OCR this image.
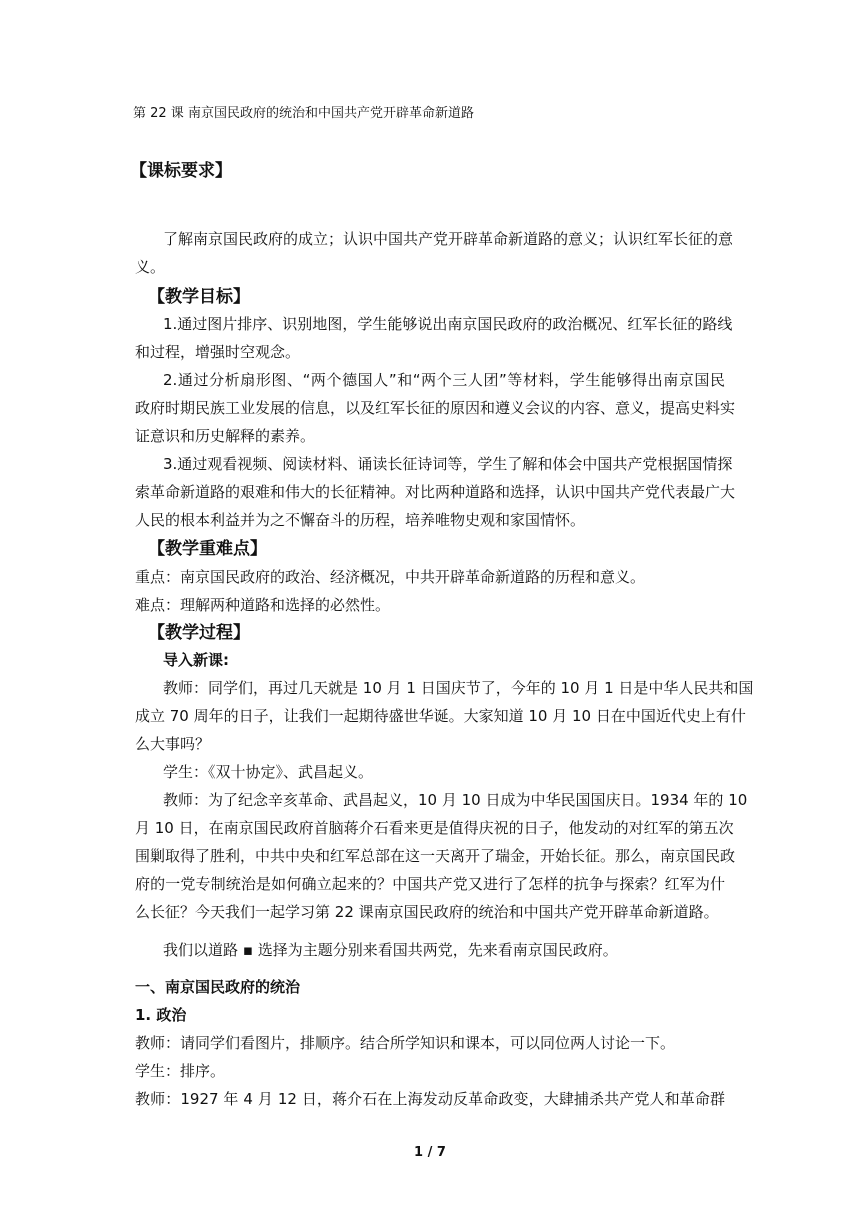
第 22 课 南京国民政府的统治和中国共产党开辟革命新道路
【课标要求】
了解南京国民政府的成立；认识中国共产党开辟革命新道路的意义；认识红军长征的意
义。
【教学目标】
1.通过图片排序、识别地图，学生能够说出南京国民政府的政治概况、红军长征的路线
和过程，增强时空观念。
2.通过分析扇形图、“两个德国人”和“两个三人团”等材料，学生能够得出南京国民
政府时期民族工业发展的信息，以及红军长征的原因和遵义会议的内容、意义，提高史料实
证意识和历史解释的素养。
3.通过观看视频、阅读材料、诵读长征诗词等，学生了解和体会中国共产党根据国情探
索革命新道路的艰难和伟大的长征精神。对比两种道路和选择，认识中国共产党代表最广大
人民的根本利益并为之不懈奋斗的历程，培养唯物史观和家国情怀。
【教学重难点】
重点：南京国民政府的政治、经济概况，中共开辟革命新道路的历程和意义。
难点：理解两种道路和选择的必然性。
【教学过程】
导入新课:
教师：同学们，再过几天就是 10 月 1 日国庆节了，今年的 10 月 1 日是中华人民共和国
成立 70 周年的日子，让我们一起期待盛世华诞。大家知道 10 月 10 日在中国近代史上有什
么大事吗？
学生：《双十协定》、武昌起义。
教师：为了纪念辛亥革命、武昌起义，10 月 10 日成为中华民国国庆日。1934 年的 10
月 10 日，在南京国民政府首脑蒋介石看来更是值得庆祝的日子，他发动的对红军的第五次
围剿取得了胜利，中共中央和红军总部在这一天离开了瑞金，开始长征。那么，南京国民政
府的一党专制统治是如何确立起来的？中国共产党又进行了怎样的抗争与探索？红军为什
么长征？今天我们一起学习第 22 课南京国民政府的统治和中国共产党开辟革命新道路。
我们以道路 ▪ 选择为主题分别来看国共两党，先来看南京国民政府。
一、南京国民政府的统治
1. 政治
教师：请同学们看图片，排顺序。结合所学知识和课本，可以同位两人讨论一下。
学生：排序。
教师：1927 年 4 月 12 日，蒋介石在上海发动反革命政变，大肆捕杀共产党人和革命群
1 / 7
